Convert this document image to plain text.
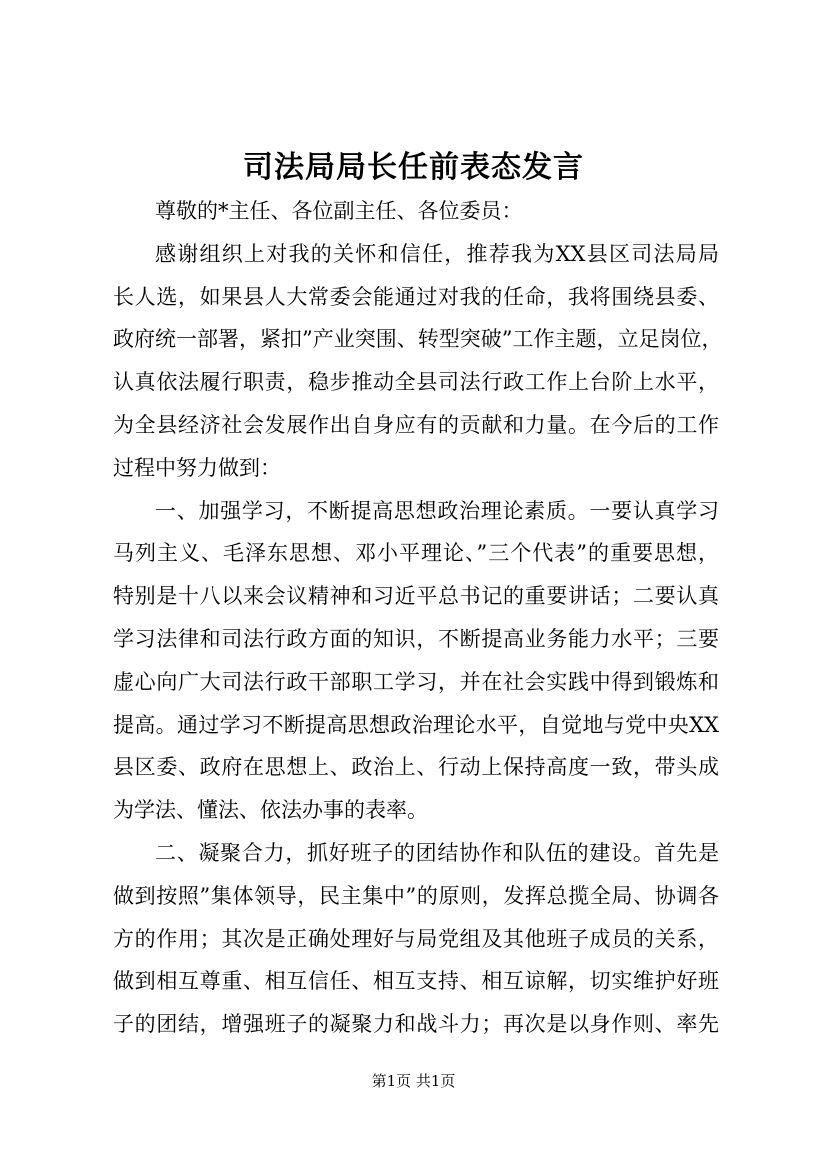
司法局局长任前表态发言
尊敬的*主任、各位副主任、各位委员：
感谢组织上对我的关怀和信任，推荐我为XX县区司法局局
长人选，如果县人大常委会能通过对我的任命，我将围绕县委、
政府统一部署，紧扣”产业突围、转型突破”工作主题，立足岗位，
认真依法履行职责，稳步推动全县司法行政工作上台阶上水平，
为全县经济社会发展作出自身应有的贡献和力量。在今后的工作
过程中努力做到：
一、加强学习，不断提高思想政治理论素质。一要认真学习
马列主义、毛泽东思想、邓小平理论、”三个代表”的重要思想，
特别是十八以来会议精神和习近平总书记的重要讲话；二要认真
学习法律和司法行政方面的知识，不断提高业务能力水平；三要
虚心向广大司法行政干部职工学习，并在社会实践中得到锻炼和
提高。通过学习不断提高思想政治理论水平，自觉地与党中央XX
县区委、政府在思想上、政治上、行动上保持高度一致，带头成
为学法、懂法、依法办事的表率。
二、凝聚合力，抓好班子的团结协作和队伍的建设。首先是
做到按照”集体领导，民主集中”的原则，发挥总揽全局、协调各
方的作用；其次是正确处理好与局党组及其他班子成员的关系，
做到相互尊重、相互信任、相互支持、相互谅解，切实维护好班
子的团结，增强班子的凝聚力和战斗力；再次是以身作则、率先
第1页 共1页
